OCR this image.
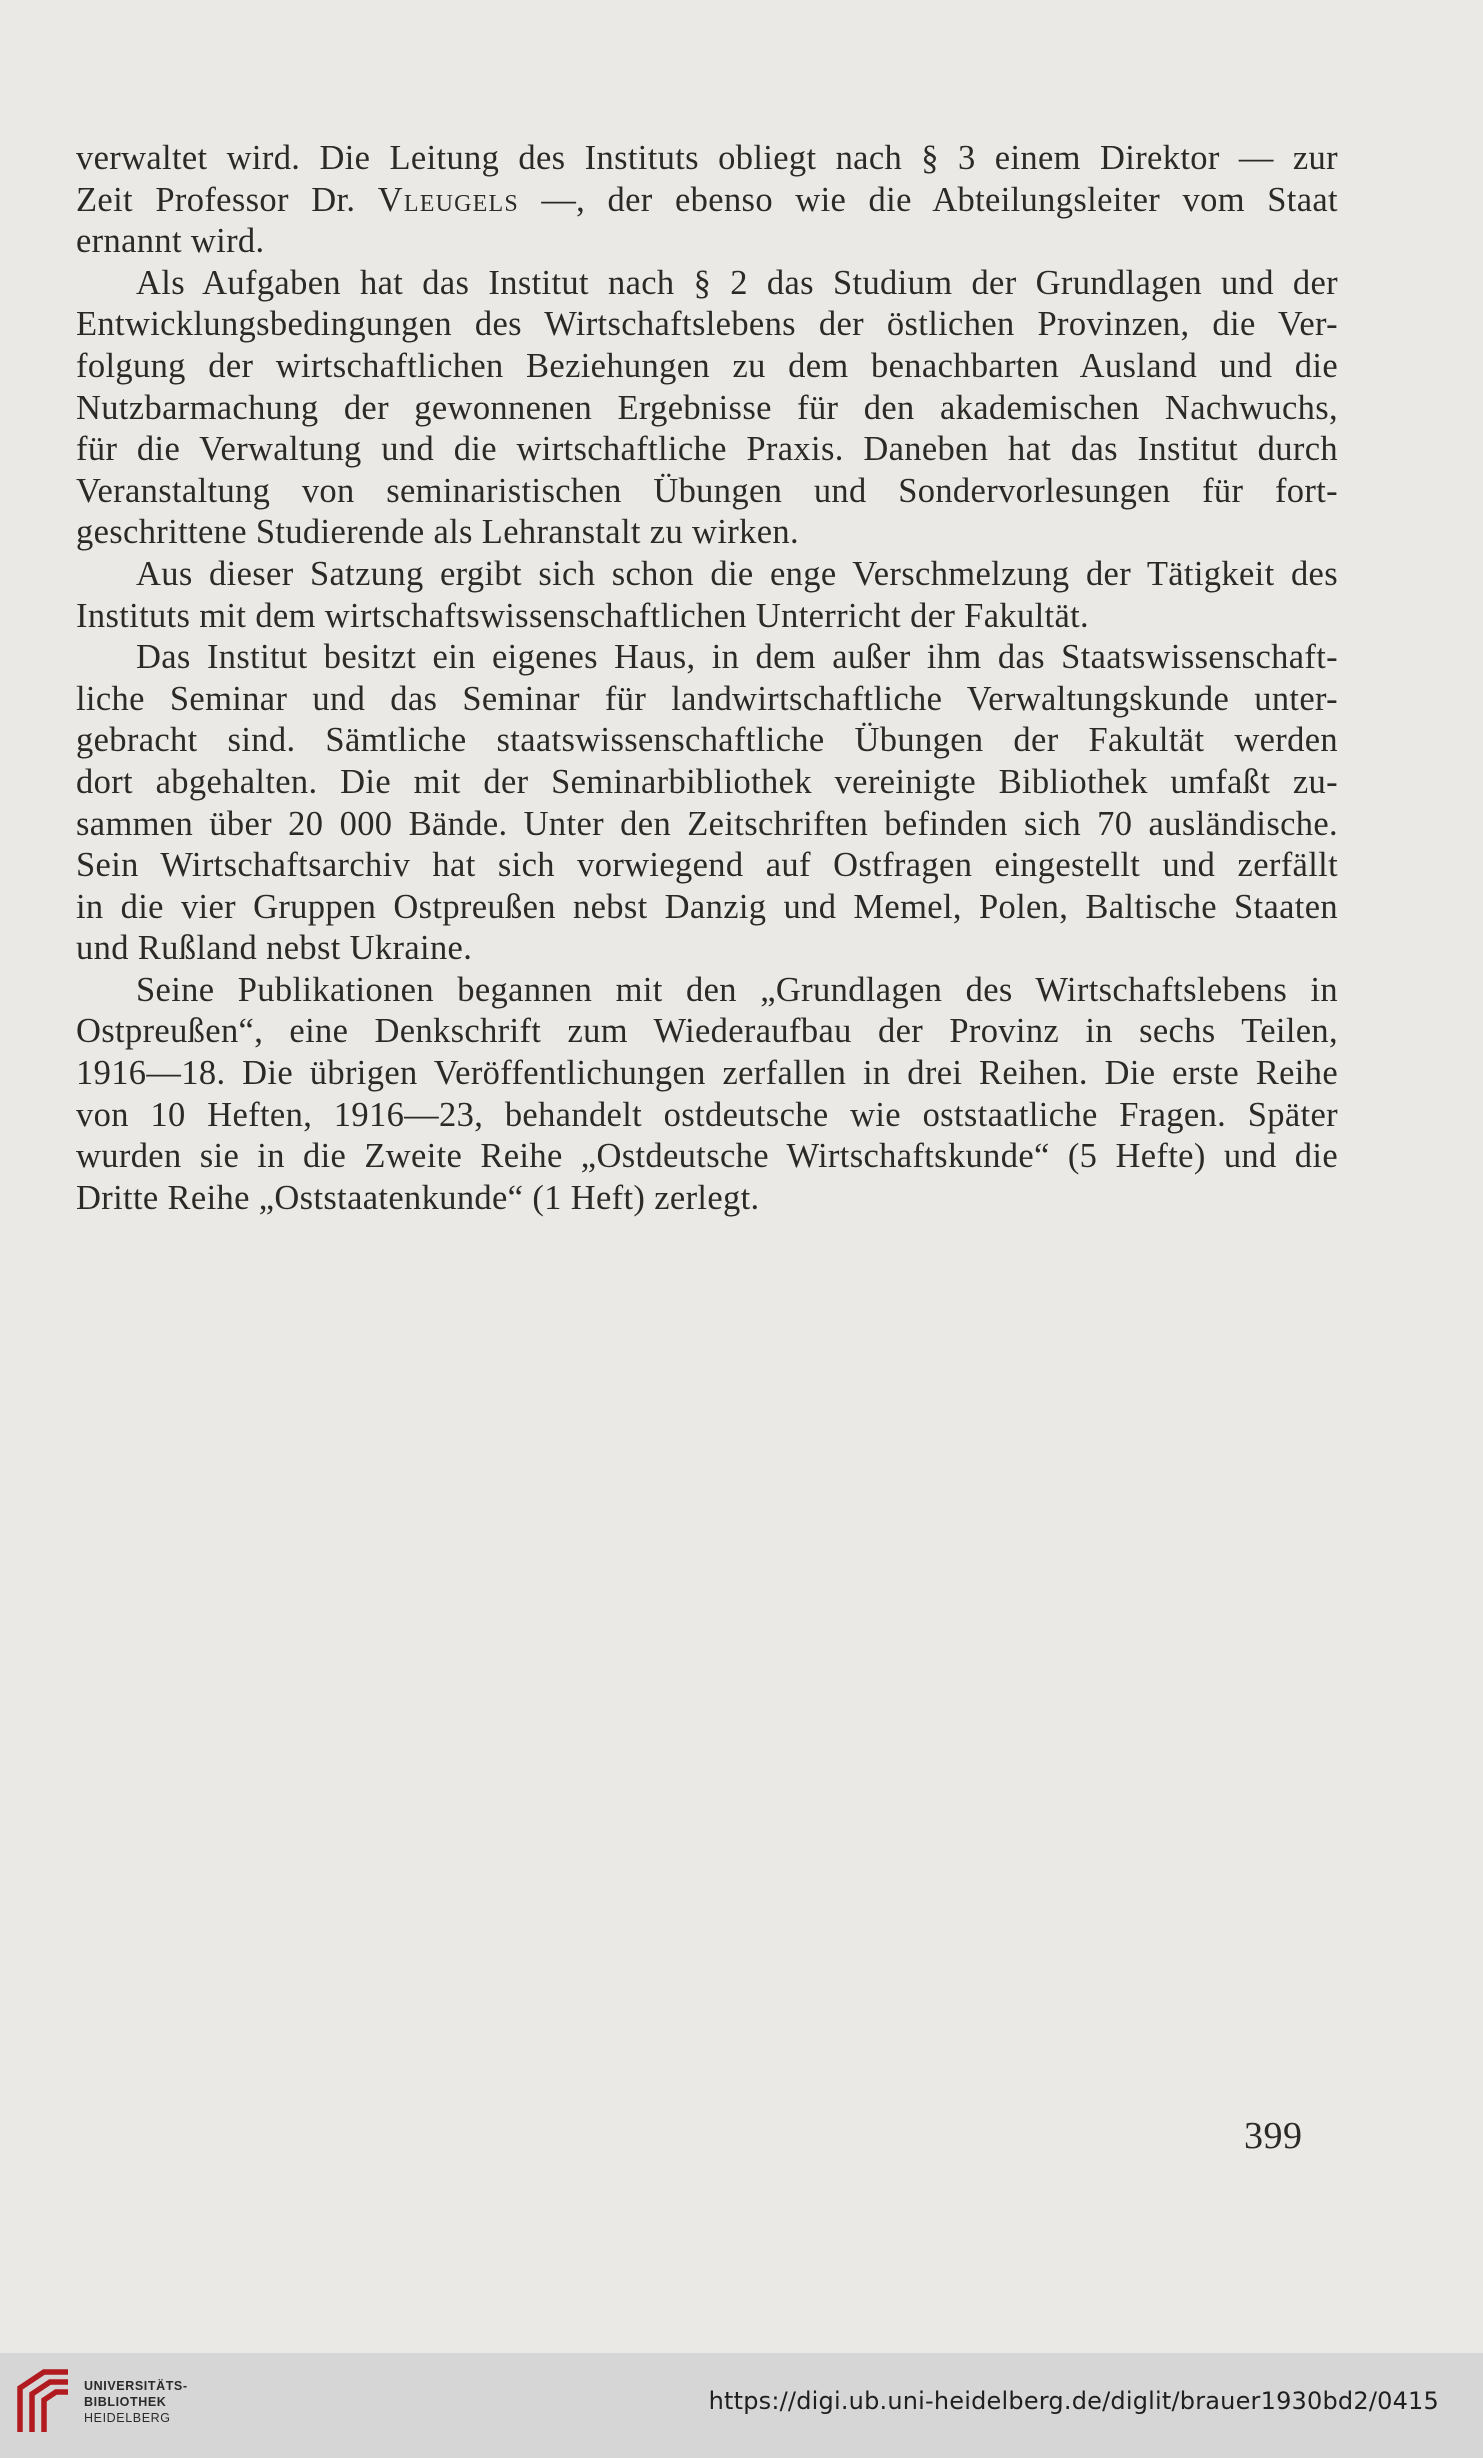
verwaltet wird. Die Leitung des Instituts obliegt nach § 3 einem Direktor — zur
Zeit Professor Dr. Vleugels —, der ebenso wie die Abteilungsleiter vom Staat
ernannt wird.
Als Aufgaben hat das Institut nach § 2 das Studium der Grundlagen und der
Entwicklungsbedingungen des Wirtschaftslebens der östlichen Provinzen, die Ver-
folgung der wirtschaftlichen Beziehungen zu dem benachbarten Ausland und die
Nutzbarmachung der gewonnenen Ergebnisse für den akademischen Nachwuchs,
für die Verwaltung und die wirtschaftliche Praxis. Daneben hat das Institut durch
Veranstaltung von seminaristischen Übungen und Sondervorlesungen für fort-
geschrittene Studierende als Lehranstalt zu wirken.
Aus dieser Satzung ergibt sich schon die enge Verschmelzung der Tätigkeit des
Instituts mit dem wirtschaftswissenschaftlichen Unterricht der Fakultät.
Das Institut besitzt ein eigenes Haus, in dem außer ihm das Staatswissenschaft-
liche Seminar und das Seminar für landwirtschaftliche Verwaltungskunde unter-
gebracht sind. Sämtliche staatswissenschaftliche Übungen der Fakultät werden
dort abgehalten. Die mit der Seminarbibliothek vereinigte Bibliothek umfaßt zu-
sammen über 20 000 Bände. Unter den Zeitschriften befinden sich 70 ausländische.
Sein Wirtschaftsarchiv hat sich vorwiegend auf Ostfragen eingestellt und zerfällt
in die vier Gruppen Ostpreußen nebst Danzig und Memel, Polen, Baltische Staaten
und Rußland nebst Ukraine.
Seine Publikationen begannen mit den „Grundlagen des Wirtschaftslebens in
Ostpreußen“, eine Denkschrift zum Wiederaufbau der Provinz in sechs Teilen,
1916—18. Die übrigen Veröffentlichungen zerfallen in drei Reihen. Die erste Reihe
von 10 Heften, 1916—23, behandelt ostdeutsche wie oststaatliche Fragen. Später
wurden sie in die Zweite Reihe „Ostdeutsche Wirtschaftskunde“ (5 Hefte) und die
Dritte Reihe „Oststaatenkunde“ (1 Heft) zerlegt.
399
UNIVERSITÄTS-
BIBLIOTHEK
HEIDELBERG
https://digi.ub.uni-heidelberg.de/diglit/brauer1930bd2/0415
